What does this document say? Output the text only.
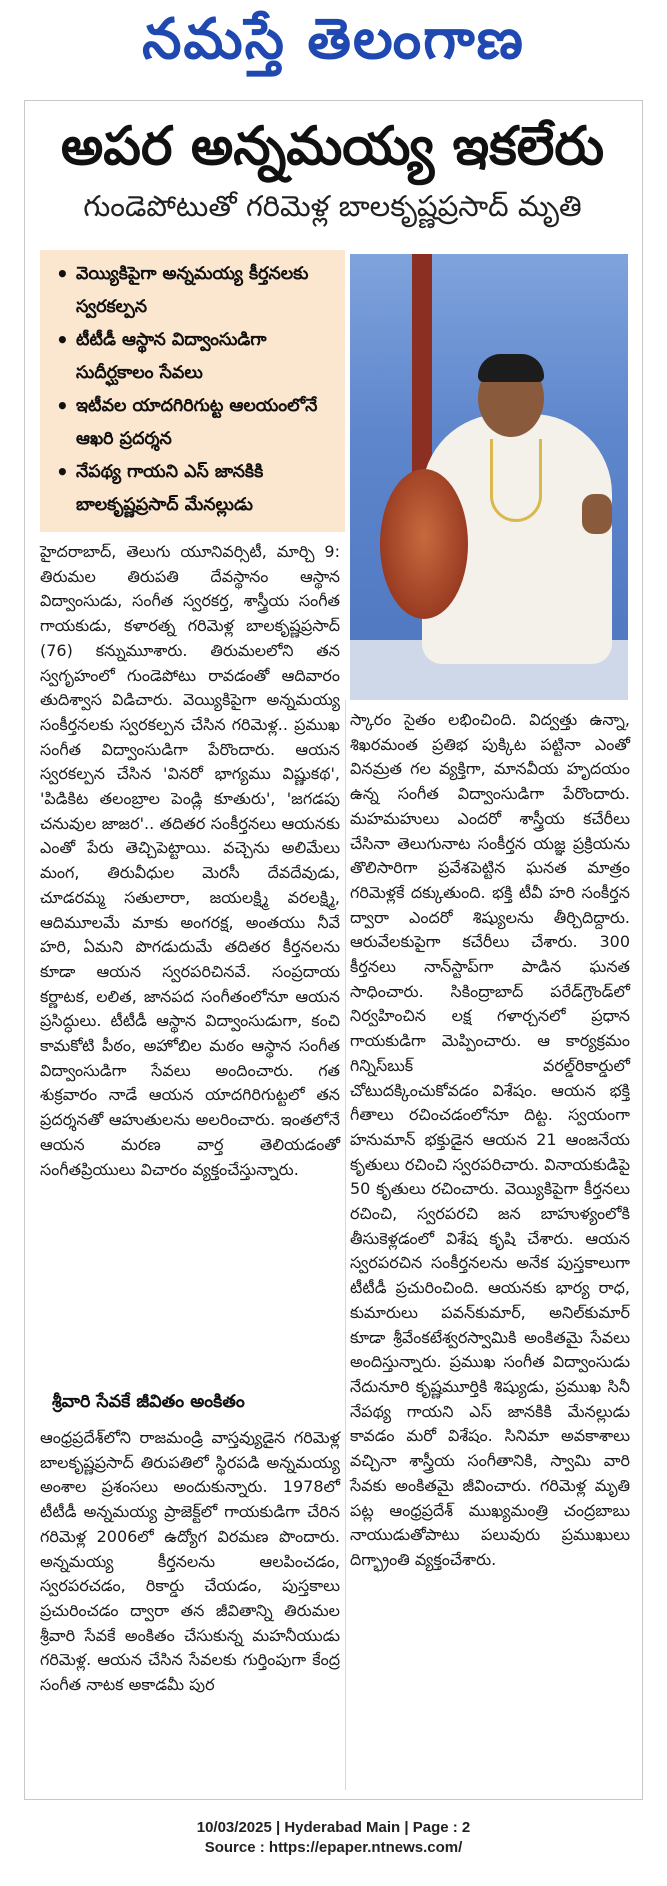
నమస్తే తెలంగాణ
అపర అన్నమయ్య ఇకలేరు
గుండెపోటుతో గరిమెళ్ల బాలకృష్ణప్రసాద్ మృతి
• వెయ్యికిపైగా అన్నమయ్య కీర్తనలకు స్వరకల్పన
• టీటీడీ ఆస్థాన విద్వాంసుడిగా సుదీర్ఘకాలం సేవలు
• ఇటీవల యాదగిరిగుట్ట ఆలయంలోనే ఆఖరి ప్రదర్శన
• నేపథ్య గాయని ఎస్ జానకికి బాలకృష్ణప్రసాద్ మేనల్లుడు

హైదరాబాద్, తెలుగు యూనివర్సిటీ, మార్చి 9: తిరుమల తిరుపతి దేవస్థానం ఆస్థాన విద్వాంసుడు, సంగీత స్వరకర్త, శాస్త్రీయ సంగీత గాయకుడు, కళారత్న గరిమెళ్ల బాలకృష్ణప్రసాద్ (76) కన్నుమూశారు. తిరుమలలోని తన స్వగృహంలో గుండెపోటు రావడంతో ఆదివారం తుదిశ్వాస విడిచారు. వెయ్యికిపైగా అన్నమయ్య సంకీర్తనలకు స్వరకల్పన చేసిన గరిమెళ్ల.. ప్రముఖ సంగీత విద్వాంసుడిగా పేరొందారు. ఆయన స్వరకల్పన చేసిన 'వినరో భాగ్యము విష్ణుకథ', 'పిడికిట తలంబ్రాల పెండ్లి కూతురు', 'జగడపు చనువుల జాజర'.. తదితర సంకీర్తనలు ఆయనకు ఎంతో పేరు తెచ్చిపెట్టాయి. వచ్చెను అలిమేలు మంగ, తిరువీధుల మెరసీ దేవదేవుడు, చూడరమ్మ సతులారా, జయలక్ష్మి వరలక్ష్మి, ఆదిమూలమే మాకు అంగరక్ష, అంతయు నీవే హరి, ఏమని పొగడుదుమే తదితర కీర్తనలను కూడా ఆయన స్వరపరిచినవే. సంప్రదాయ కర్ణాటక, లలిత, జానపద సంగీతంలోనూ ఆయన ప్రసిద్ధులు. టీటీడీ ఆస్థాన విద్వాంసుడుగా, కంచి కామకోటి పీఠం, అహోబిల మఠం ఆస్థాన సంగీత విద్వాంసుడిగా సేవలు అందించారు. గత శుక్రవారం నాడే ఆయన యాదగిరిగుట్టలో తన ప్రదర్శనతో ఆహుతులను అలరించారు. ఇంతలోనే ఆయన మరణ వార్త తెలియడంతో సంగీతప్రియులు విచారం వ్యక్తంచేస్తున్నారు.

శ్రీవారి సేవకే జీవితం అంకితం

ఆంధ్రప్రదేశ్‌లోని రాజమండ్రి వాస్తవ్యుడైన గరిమెళ్ల బాలకృష్ణప్రసాద్ తిరుపతిలో స్థిరపడి అన్నమయ్య అంశాల ప్రశంసలు అందుకున్నారు. 1978లో టీటీడీ అన్నమయ్య ప్రాజెక్ట్‌లో గాయకుడిగా చేరిన గరిమెళ్ల 2006లో ఉద్యోగ విరమణ పొందారు. అన్నమయ్య కీర్తనలను ఆలపించడం, స్వరపరచడం, రికార్డు చేయడం, పుస్తకాలు ప్రచురించడం ద్వారా తన జీవితాన్ని తిరుమల శ్రీవారి సేవకే అంకితం చేసుకున్న మహనీయుడు గరిమెళ్ల. ఆయన చేసిన సేవలకు గుర్తింపుగా కేంద్ర సంగీత నాటక అకాడమీ పుర

స్కారం సైతం లభించింది. విద్వత్తు ఉన్నా, శిఖరమంత ప్రతిభ పుక్కిట పట్టినా ఎంతో వినమ్రత గల వ్యక్తిగా, మానవీయ హృదయం ఉన్న సంగీత విద్వాంసుడిగా పేరొందారు. మహమహులు ఎందరో శాస్త్రీయ కచేరీలు చేసినా తెలుగునాట సంకీర్తన యజ్ఞ ప్రక్రియను తొలిసారిగా ప్రవేశపెట్టిన ఘనత మాత్రం గరిమెళ్లకే దక్కుతుంది. భక్తి టీవీ హరి సంకీర్తన ద్వారా ఎందరో శిష్యులను తీర్చిదిద్దారు. ఆరువేలకుపైగా కచేరీలు చేశారు. 300 కీర్తనలు నాన్‌స్టాప్‌గా పాడిన ఘనత సాధించారు. సికింద్రాబాద్ పరేడ్‌గ్రౌండ్‌లో నిర్వహించిన లక్ష గళార్చనలో ప్రధాన గాయకుడిగా మెప్పించారు. ఆ కార్యక్రమం గిన్నిస్‌బుక్ వరల్డ్‌రికార్డులో చోటుదక్కించుకోవడం విశేషం. ఆయన భక్తి గీతాలు రచించడంలోనూ దిట్ట. స్వయంగా హనుమాన్ భక్తుడైన ఆయన 21 ఆంజనేయ కృతులు రచించి స్వరపరిచారు. వినాయకుడిపై 50 కృతులు రచించారు. వెయ్యికిపైగా కీర్తనలు రచించి, స్వరపరచి జన బాహుళ్యంలోకి తీసుకెళ్లడంలో విశేష కృషి చేశారు. ఆయన స్వరపరచిన సంకీర్తనలను అనేక పుస్తకాలుగా టీటీడీ ప్రచురించింది. ఆయనకు భార్య రాధ, కుమారులు పవన్‌కుమార్, అనిల్‌కుమార్ కూడా శ్రీవేంకటేశ్వరస్వామికి అంకితమై సేవలు అందిస్తున్నారు. ప్రముఖ సంగీత విద్వాంసుడు నేదునూరి కృష్ణమూర్తికి శిష్యుడు, ప్రముఖ సినీ నేపథ్య గాయని ఎస్ జానకికి మేనల్లుడు కావడం మరో విశేషం. సినిమా అవకాశాలు వచ్చినా శాస్త్రీయ సంగీతానికి, స్వామి వారి సేవకు అంకితమై జీవించారు. గరిమెళ్ల మృతి పట్ల ఆంధ్రప్రదేశ్ ముఖ్యమంత్రి చంద్రబాబు నాయుడుతోపాటు పలువురు ప్రముఖులు దిగ్భ్రాంతి వ్యక్తంచేశారు.

10/03/2025 | Hyderabad Main | Page : 2
Source : https://epaper.ntnews.com/
